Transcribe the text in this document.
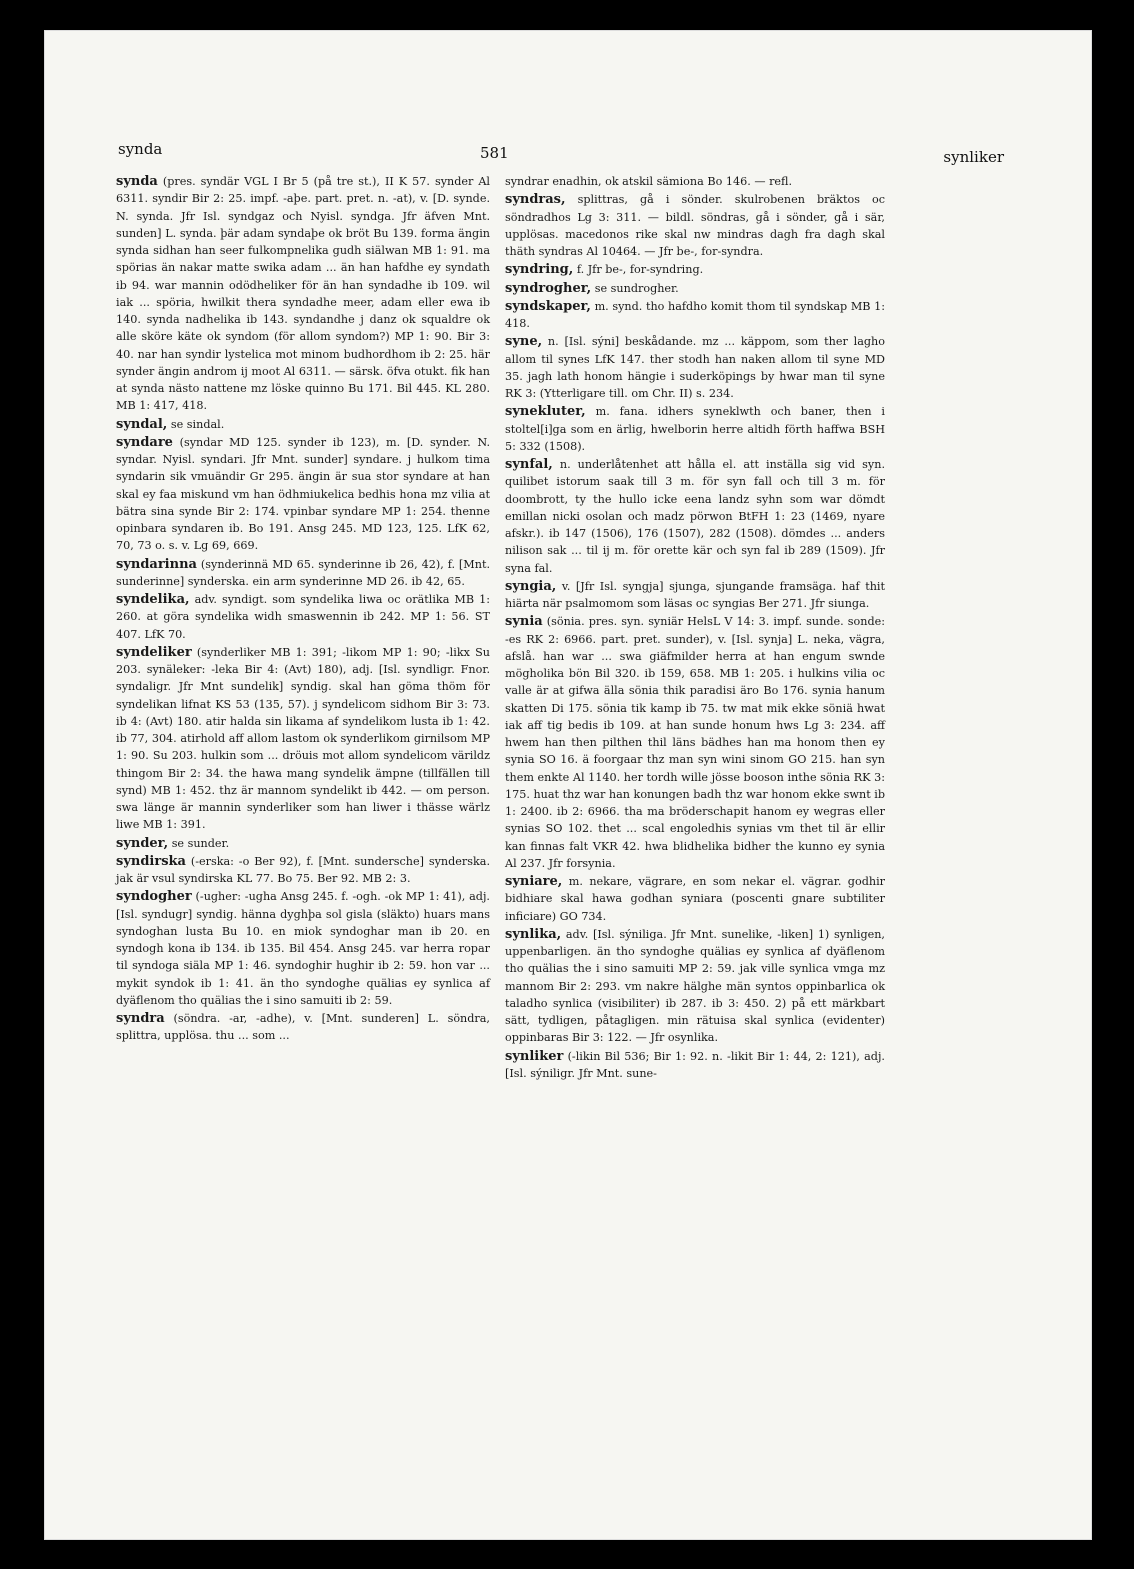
synda	581	synliker

synda (pres. syndär VGL I Br 5 (på tre st.), II K 57. synder Al 6311. syndir Bir 2: 25. impf. -aþe. part. pret. n. -at), v. [D. synde. N. synda. Jfr Isl. syndgaz och Nyisl. syndga. Jfr äfven Mnt. sunden] L. synda. þär adam syndaþe ok bröt Bu 139. forma ängin synda sidhan han seer fulkompnelika gudh siälwan MB 1: 91. ma spörias än nakar matte swika adam ... än han hafdhe ey syndath ib 94. war mannin odödheliker för än han syndadhe ib 109. wil iak ... spöria, hwilkit thera syndadhe meer, adam eller ewa ib 140. synda nadhelika ib 143. syndandhe j danz ok squaldre ok alle sköre käte ok syndom (för allom syndom?) MP 1: 90. Bir 3: 40. nar han syndir lystelica mot minom budhordhom ib 2: 25. här synder ängin androm ij moot Al 6311. — särsk. öfva otukt. fik han at synda nästo nattene mz löske quinno Bu 171. Bil 445. KL 280. MB 1: 417, 418.

syndal, se sindal.

syndare (syndar MD 125. synder ib 123), m. [D. synder. N. syndar. Nyisl. syndari. Jfr Mnt. sunder] syndare. j hulkom tima syndarin sik vmuändir Gr 295. ängin är sua stor syndare at han skal ey faa miskund vm han ödhmiukelica bedhis hona mz vilia at bätra sina synde Bir 2: 174. vpinbar syndare MP 1: 254. thenne opinbara syndaren ib. Bo 191. Ansg 245. MD 123, 125. LfK 62, 70, 73 o. s. v. Lg 69, 669.

syndarinna (synderinnä MD 65. synderinne ib 26, 42), f. [Mnt. sunderinne] synderska. ein arm synderinne MD 26. ib 42, 65.

syndelika, adv. syndigt. som syndelika liwa oc orätlika MB 1: 260. at göra syndelika widh smaswennin ib 242. MP 1: 56. ST 407. LfK 70.

syndeliker (synderliker MB 1: 391; -likom MP 1: 90; -likx Su 203. synäleker: -leka Bir 4: (Avt) 180), adj. [Isl. syndligr. Fnor. syndaligr. Jfr Mnt sundelik] syndig. skal han göma thöm för syndelikan lifnat KS 53 (135, 57). j syndelicom sidhom Bir 3: 73. ib 4: (Avt) 180. atir halda sin likama af syndelikom lusta ib 1: 42. ib 77, 304. atirhold aff allom lastom ok synderlikom girnilsom MP 1: 90. Su 203. hulkin som ... dröuis mot allom syndelicom värildz thingom Bir 2: 34. the hawa mang syndelik ämpne (tillfällen till synd) MB 1: 452. thz är mannom syndelikt ib 442. — om person. swa länge är mannin synderliker som han liwer i thässe wärlz liwe MB 1: 391.

synder, se sunder.

syndirska (-erska: -o Ber 92), f. [Mnt. sundersche] synderska. jak är vsul syndirska KL 77. Bo 75. Ber 92. MB 2: 3.

syndogher (-ugher: -ugha Ansg 245. f. -ogh. -ok MP 1: 41), adj. [Isl. syndugr] syndig. hänna dyghþa sol gisla (släkto) huars mans syndoghan lusta Bu 10. en miok syndoghar man ib 20. en syndogh kona ib 134. ib 135. Bil 454. Ansg 245. var herra ropar til syndoga siäla MP 1: 46. syndoghir hughir ib 2: 59. hon var ... mykit syndok ib 1: 41. än tho syndoghe quälias ey synlica af dyäflenom tho quälias the i sino samuiti ib 2: 59.

syndra (söndra. -ar, -adhe), v. [Mnt. sunderen] L. söndra, splittra, upplösa. thu ... som ...

syndrar enadhin, ok atskil sämiona Bo 146. — refl.

syndras, splittras, gå i sönder. skulrobenen bräktos oc söndradhos Lg 3: 311. — bildl. söndras, gå i sönder, gå i sär, upplösas. macedonos rike skal nw mindras dagh fra dagh skal thäth syndras Al 10464. — Jfr be-, for-syndra.

syndring, f. Jfr be-, for-syndring.

syndrogher, se sundrogher.

syndskaper, m. synd. tho hafdho komit thom til syndskap MB 1: 418.

syne, n. [Isl. sýni] beskådande. mz ... käppom, som ther lagho allom til synes LfK 147. ther stodh han naken allom til syne MD 35. jagh lath honom hängie i suderköpings by hwar man til syne RK 3: (Ytterligare till. om Chr. II) s. 234.

synekluter, m. fana. idhers syneklwth och baner, then i stoltel[i]ga som en ärlig, hwelborin herre altidh förth haffwa BSH 5: 332 (1508).

synfal, n. underlåtenhet att hålla el. att inställa sig vid syn. quilibet istorum saak till 3 m. för syn fall och till 3 m. för doombrott, ty the hullo icke eena landz syhn som war dömdt emillan nicki osolan och madz pörwon BtFH 1: 23 (1469, nyare afskr.). ib 147 (1506), 176 (1507), 282 (1508). dömdes ... anders nilison sak ... til ij m. för orette kär och syn fal ib 289 (1509). Jfr syna fal.

syngia, v. [Jfr Isl. syngja] sjunga, sjungande framsäga. haf thit hiärta när psalmomom som läsas oc syngias Ber 271. Jfr siunga.

synia (sönia. pres. syn. syniär HelsL V 14: 3. impf. sunde. sonde: -es RK 2: 6966. part. pret. sunder), v. [Isl. synja] L. neka, vägra, afslå. han war ... swa giäfmilder herra at han engum swnde mögholika bön Bil 320. ib 159, 658. MB 1: 205. i hulkins vilia oc valle är at gifwa älla sönia thik paradisi äro Bo 176. synia hanum skatten Di 175. sönia tik kamp ib 75. tw mat mik ekke söniä hwat iak aff tig bedis ib 109. at han sunde honum hws Lg 3: 234. aff hwem han then pilthen thil läns bädhes han ma honom then ey synia SO 16. ä foorgaar thz man syn wini sinom GO 215. han syn them enkte Al 1140. her tordh wille jösse booson inthe sönia RK 3: 175. huat thz war han konungen badh thz war honom ekke swnt ib 1: 2400. ib 2: 6966. tha ma bröderschapit hanom ey wegras eller synias SO 102. thet ... scal engoledhis synias vm thet til är ellir kan finnas falt VKR 42. hwa blidhelika bidher the kunno ey synia Al 237. Jfr forsynia.

syniare, m. nekare, vägrare, en som nekar el. vägrar. godhir bidhiare skal hawa godhan syniara (poscenti gnare subtiliter inficiare) GO 734.

synlika, adv. [Isl. sýniliga. Jfr Mnt. sunelike, -liken] 1) synligen, uppenbarligen. än tho syndoghe quälias ey synlica af dyäflenom tho quälias the i sino samuiti MP 2: 59. jak ville synlica vmga mz mannom Bir 2: 293. vm nakre hälghe män syntos oppinbarlica ok taladho synlica (visibiliter) ib 287. ib 3: 450. 2) på ett märkbart sätt, tydligen, påtagligen. min rätuisa skal synlica (evidenter) oppinbaras Bir 3: 122. — Jfr osynlika.

synliker (-likin Bil 536; Bir 1: 92. n. -likit Bir 1: 44, 2: 121), adj. [Isl. sýniligr. Jfr Mnt. sune-
